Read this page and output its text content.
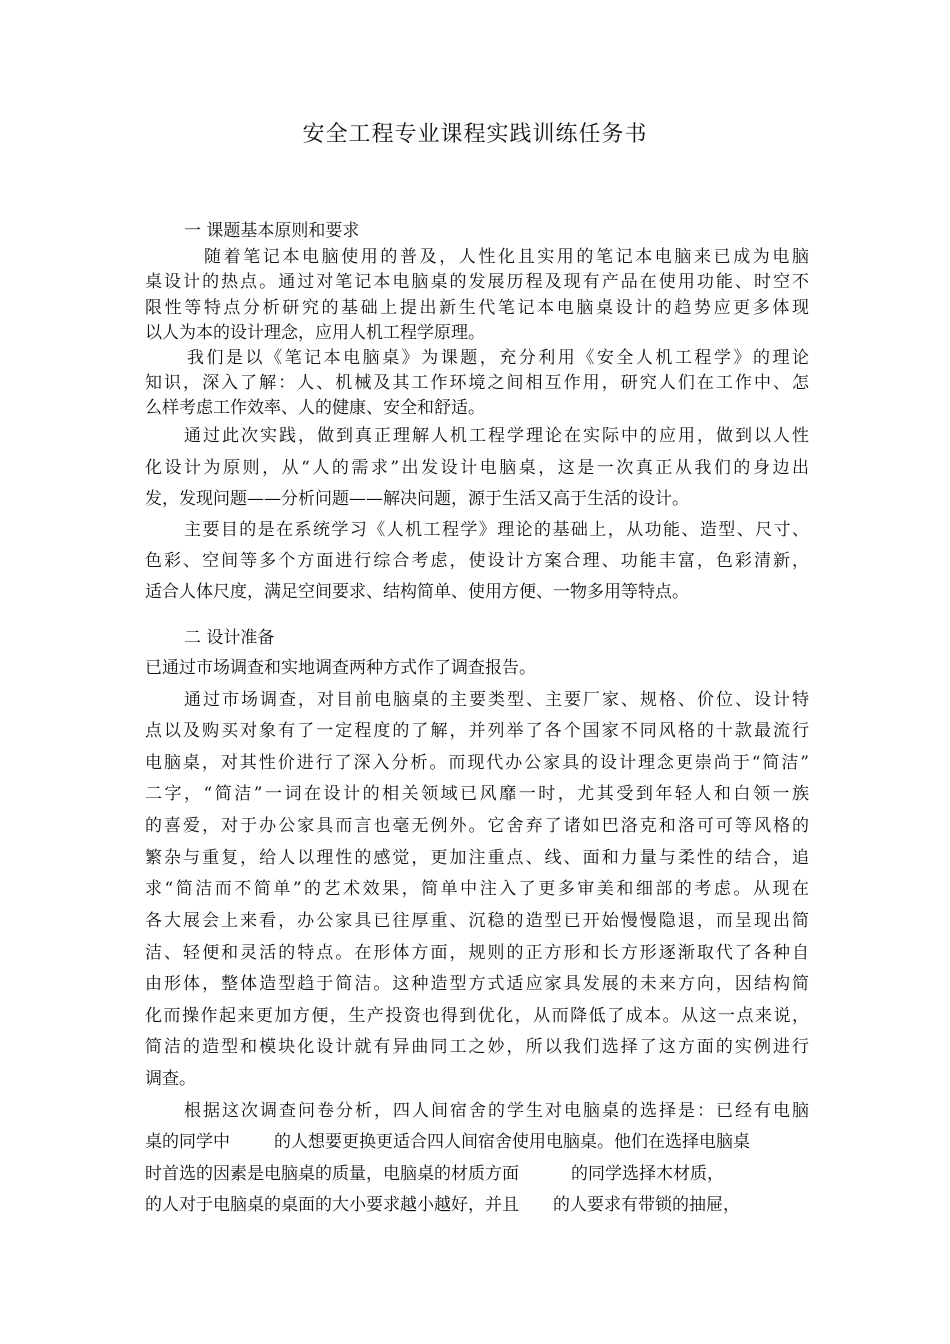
安全工程专业课程实践训练任务书
一 课题基本原则和要求
随着笔记本电脑使用的普及，人性化且实用的笔记本电脑来已成为电脑
桌设计的热点。通过对笔记本电脑桌的发展历程及现有产品在使用功能、时空不
限性等特点分析研究的基础上提出新生代笔记本电脑桌设计的趋势应更多体现
以人为本的设计理念，应用人机工程学原理。
我们是以《笔记本电脑桌》为课题，充分利用《安全人机工程学》的理论
知识，深入了解：人、机械及其工作环境之间相互作用，研究人们在工作中、怎
么样考虑工作效率、人的健康、安全和舒适。
通过此次实践，做到真正理解人机工程学理论在实际中的应用，做到以人性
化设计为原则，从“人的需求”出发设计电脑桌，这是一次真正从我们的身边出
发，发现问题——分析问题——解决问题，源于生活又高于生活的设计。
主要目的是在系统学习《人机工程学》理论的基础上，从功能、造型、尺寸、
色彩、空间等多个方面进行综合考虑，使设计方案合理、功能丰富，色彩清新，
适合人体尺度，满足空间要求、结构简单、使用方便、一物多用等特点。
二 设计准备
已通过市场调查和实地调查两种方式作了调查报告。
通过市场调查，对目前电脑桌的主要类型、主要厂家、规格、价位、设计特
点以及购买对象有了一定程度的了解，并列举了各个国家不同风格的十款最流行
电脑桌，对其性价进行了深入分析。而现代办公家具的设计理念更崇尚于“简洁”
二字，“简洁”一词在设计的相关领域已风靡一时，尤其受到年轻人和白领一族
的喜爱，对于办公家具而言也毫无例外。它舍弃了诸如巴洛克和洛可可等风格的
繁杂与重复，给人以理性的感觉，更加注重点、线、面和力量与柔性的结合，追
求“简洁而不简单”的艺术效果，简单中注入了更多审美和细部的考虑。从现在
各大展会上来看，办公家具已往厚重、沉稳的造型已开始慢慢隐退，而呈现出简
洁、轻便和灵活的特点。在形体方面，规则的正方形和长方形逐渐取代了各种自
由形体，整体造型趋于简洁。这种造型方式适应家具发展的未来方向，因结构简
化而操作起来更加方便，生产投资也得到优化，从而降低了成本。从这一点来说，
简洁的造型和模块化设计就有异曲同工之妙，所以我们选择了这方面的实例进行
调查。
根据这次调查问卷分析，四人间宿舍的学生对电脑桌的选择是：已经有电脑
桌的同学中	的人想要更换更适合四人间宿舍使用电脑桌。他们在选择电脑桌
时首选的因素是电脑桌的质量，电脑桌的材质方面	的同学选择木材质，
的人对于电脑桌的桌面的大小要求越小越好，并且 的人要求有带锁的抽屉，
